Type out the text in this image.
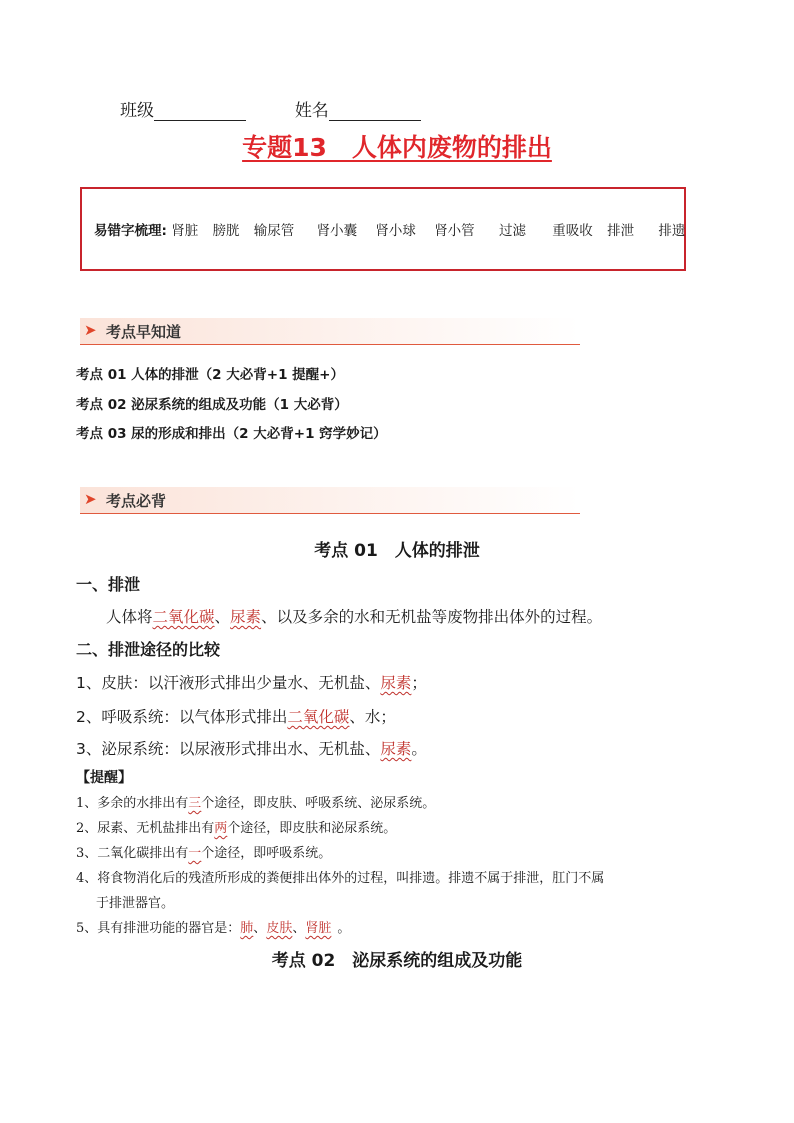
班级	姓名
专题13　人体内废物的排出
易错字梳理: 肾脏 膀胱 输尿管 肾小囊 肾小球 肾小管 过滤 重吸收 排泄 排遗
➤ 考点早知道
考点 01 人体的排泄（2 大必背+1 提醒+）
考点 02 泌尿系统的组成及功能（1 大必背）
考点 03 尿的形成和排出（2 大必背+1 窍学妙记）
➤ 考点必背
考点 01　人体的排泄
一、排泄
人体将二氧化碳、尿素、以及多余的水和无机盐等废物排出体外的过程。
二、排泄途径的比较
1、皮肤：以汗液形式排出少量水、无机盐、尿素；
2、呼吸系统：以气体形式排出二氧化碳、水；
3、泌尿系统：以尿液形式排出水、无机盐、尿素。
【提醒】
1、多余的水排出有三个途径，即皮肤、呼吸系统、泌尿系统。
2、尿素、无机盐排出有两个途径，即皮肤和泌尿系统。
3、二氧化碳排出有一个途径，即呼吸系统。
4、将食物消化后的残渣所形成的粪便排出体外的过程，叫排遗。排遗不属于排泄，肛门不属
于排泄器官。
5、具有排泄功能的器官是：肺、皮肤、肾脏 。
考点 02　泌尿系统的组成及功能
